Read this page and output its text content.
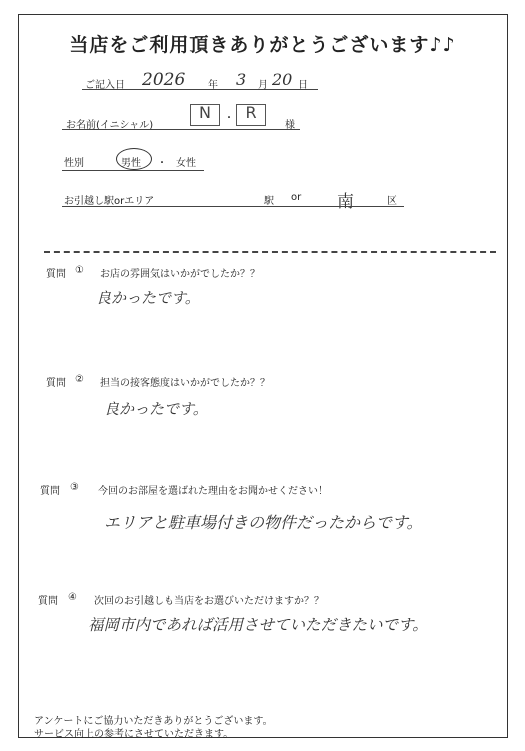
当店をご利用頂きありがとうございます♪♪
ご記入日 2026 年 3 月 20 日
お名前(イニシャル)
N	・ R
様
性別	男性 ・ 女性
お引越し駅orエリア	駅 or 南	区
質問 ① お店の雰囲気はいかがでしたか？？
良かったです。
質問 ② 担当の接客態度はいかがでしたか？？
良かったです。
質問 ③ 今回のお部屋を選ばれた理由をお聞かせください！
エリアと駐車場付きの物件だったからです。
質問 ④ 次回のお引越しも当店をお選びいただけますか？？
福岡市内であれば活用させていただきたいです。
アンケートにご協力いただきありがとうございます。
サービス向上の参考にさせていただきます。
